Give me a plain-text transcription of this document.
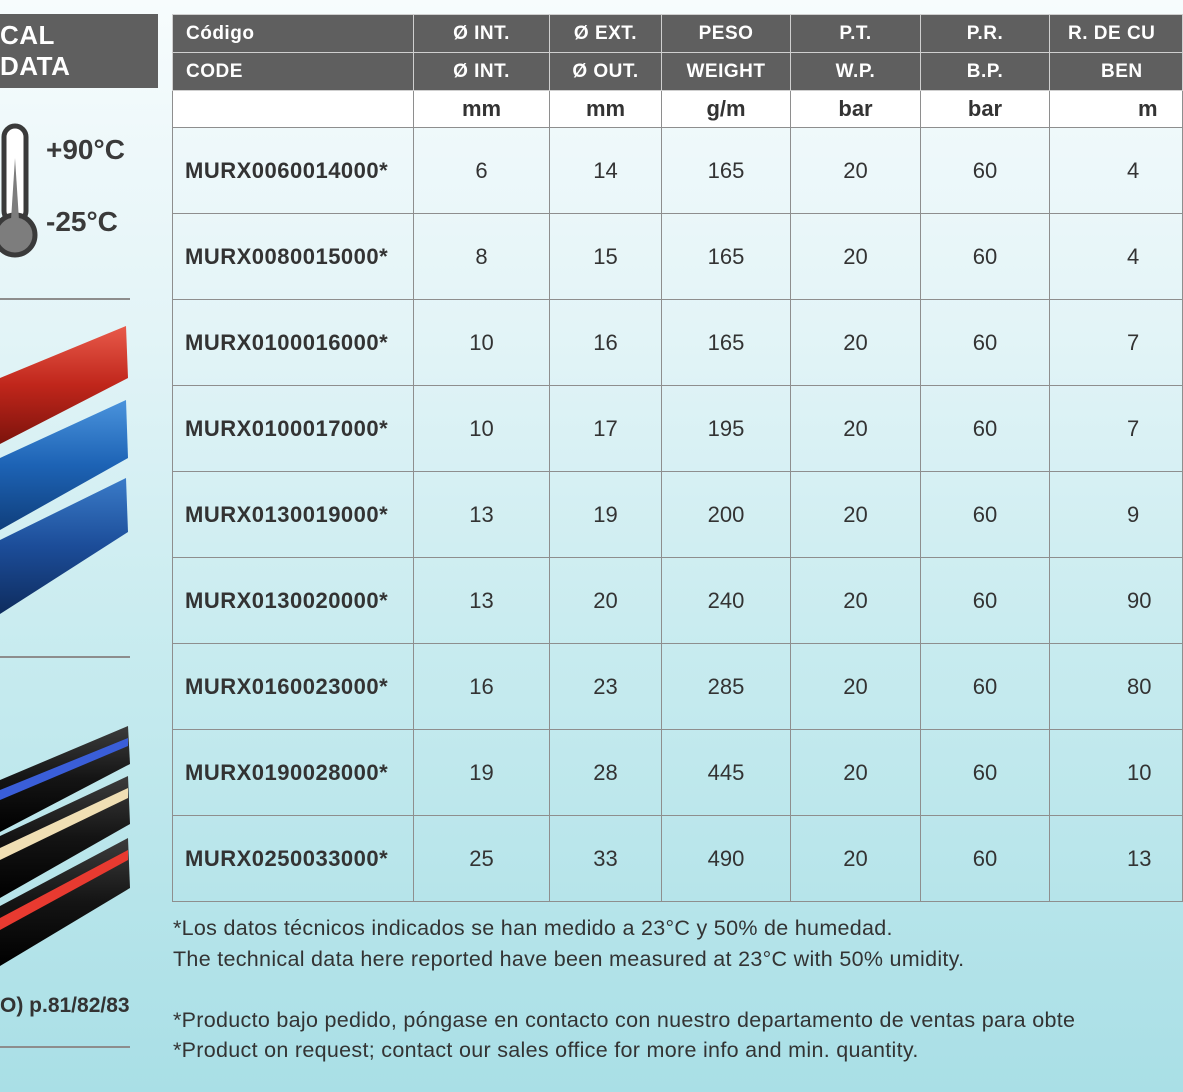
CAL DATA
+90°C
-25°C
O) p.81/82/83
Código	Ø INT.	Ø EXT.	PESO	P.T.	P.R.	R. DE CU
CODE	Ø INT.	Ø OUT.	WEIGHT	W.P.	B.P.	BEN
	mm	mm	g/m	bar	bar	m
MURX0060014000*	6	14	165	20	60	4
MURX0080015000*	8	15	165	20	60	4
MURX0100016000*	10	16	165	20	60	7
MURX0100017000*	10	17	195	20	60	7
MURX0130019000*	13	19	200	20	60	9
MURX0130020000*	13	20	240	20	60	90
MURX0160023000*	16	23	285	20	60	80
MURX0190028000*	19	28	445	20	60	10
MURX0250033000*	25	33	490	20	60	13
*Los datos técnicos indicados se han medido a 23°C y 50% de humedad.
The technical data here reported have been measured at 23°C with 50% umidity.
*Producto bajo pedido, póngase en contacto con nuestro departamento de ventas para obte
*Product on request; contact our sales office for more info and min. quantity.
